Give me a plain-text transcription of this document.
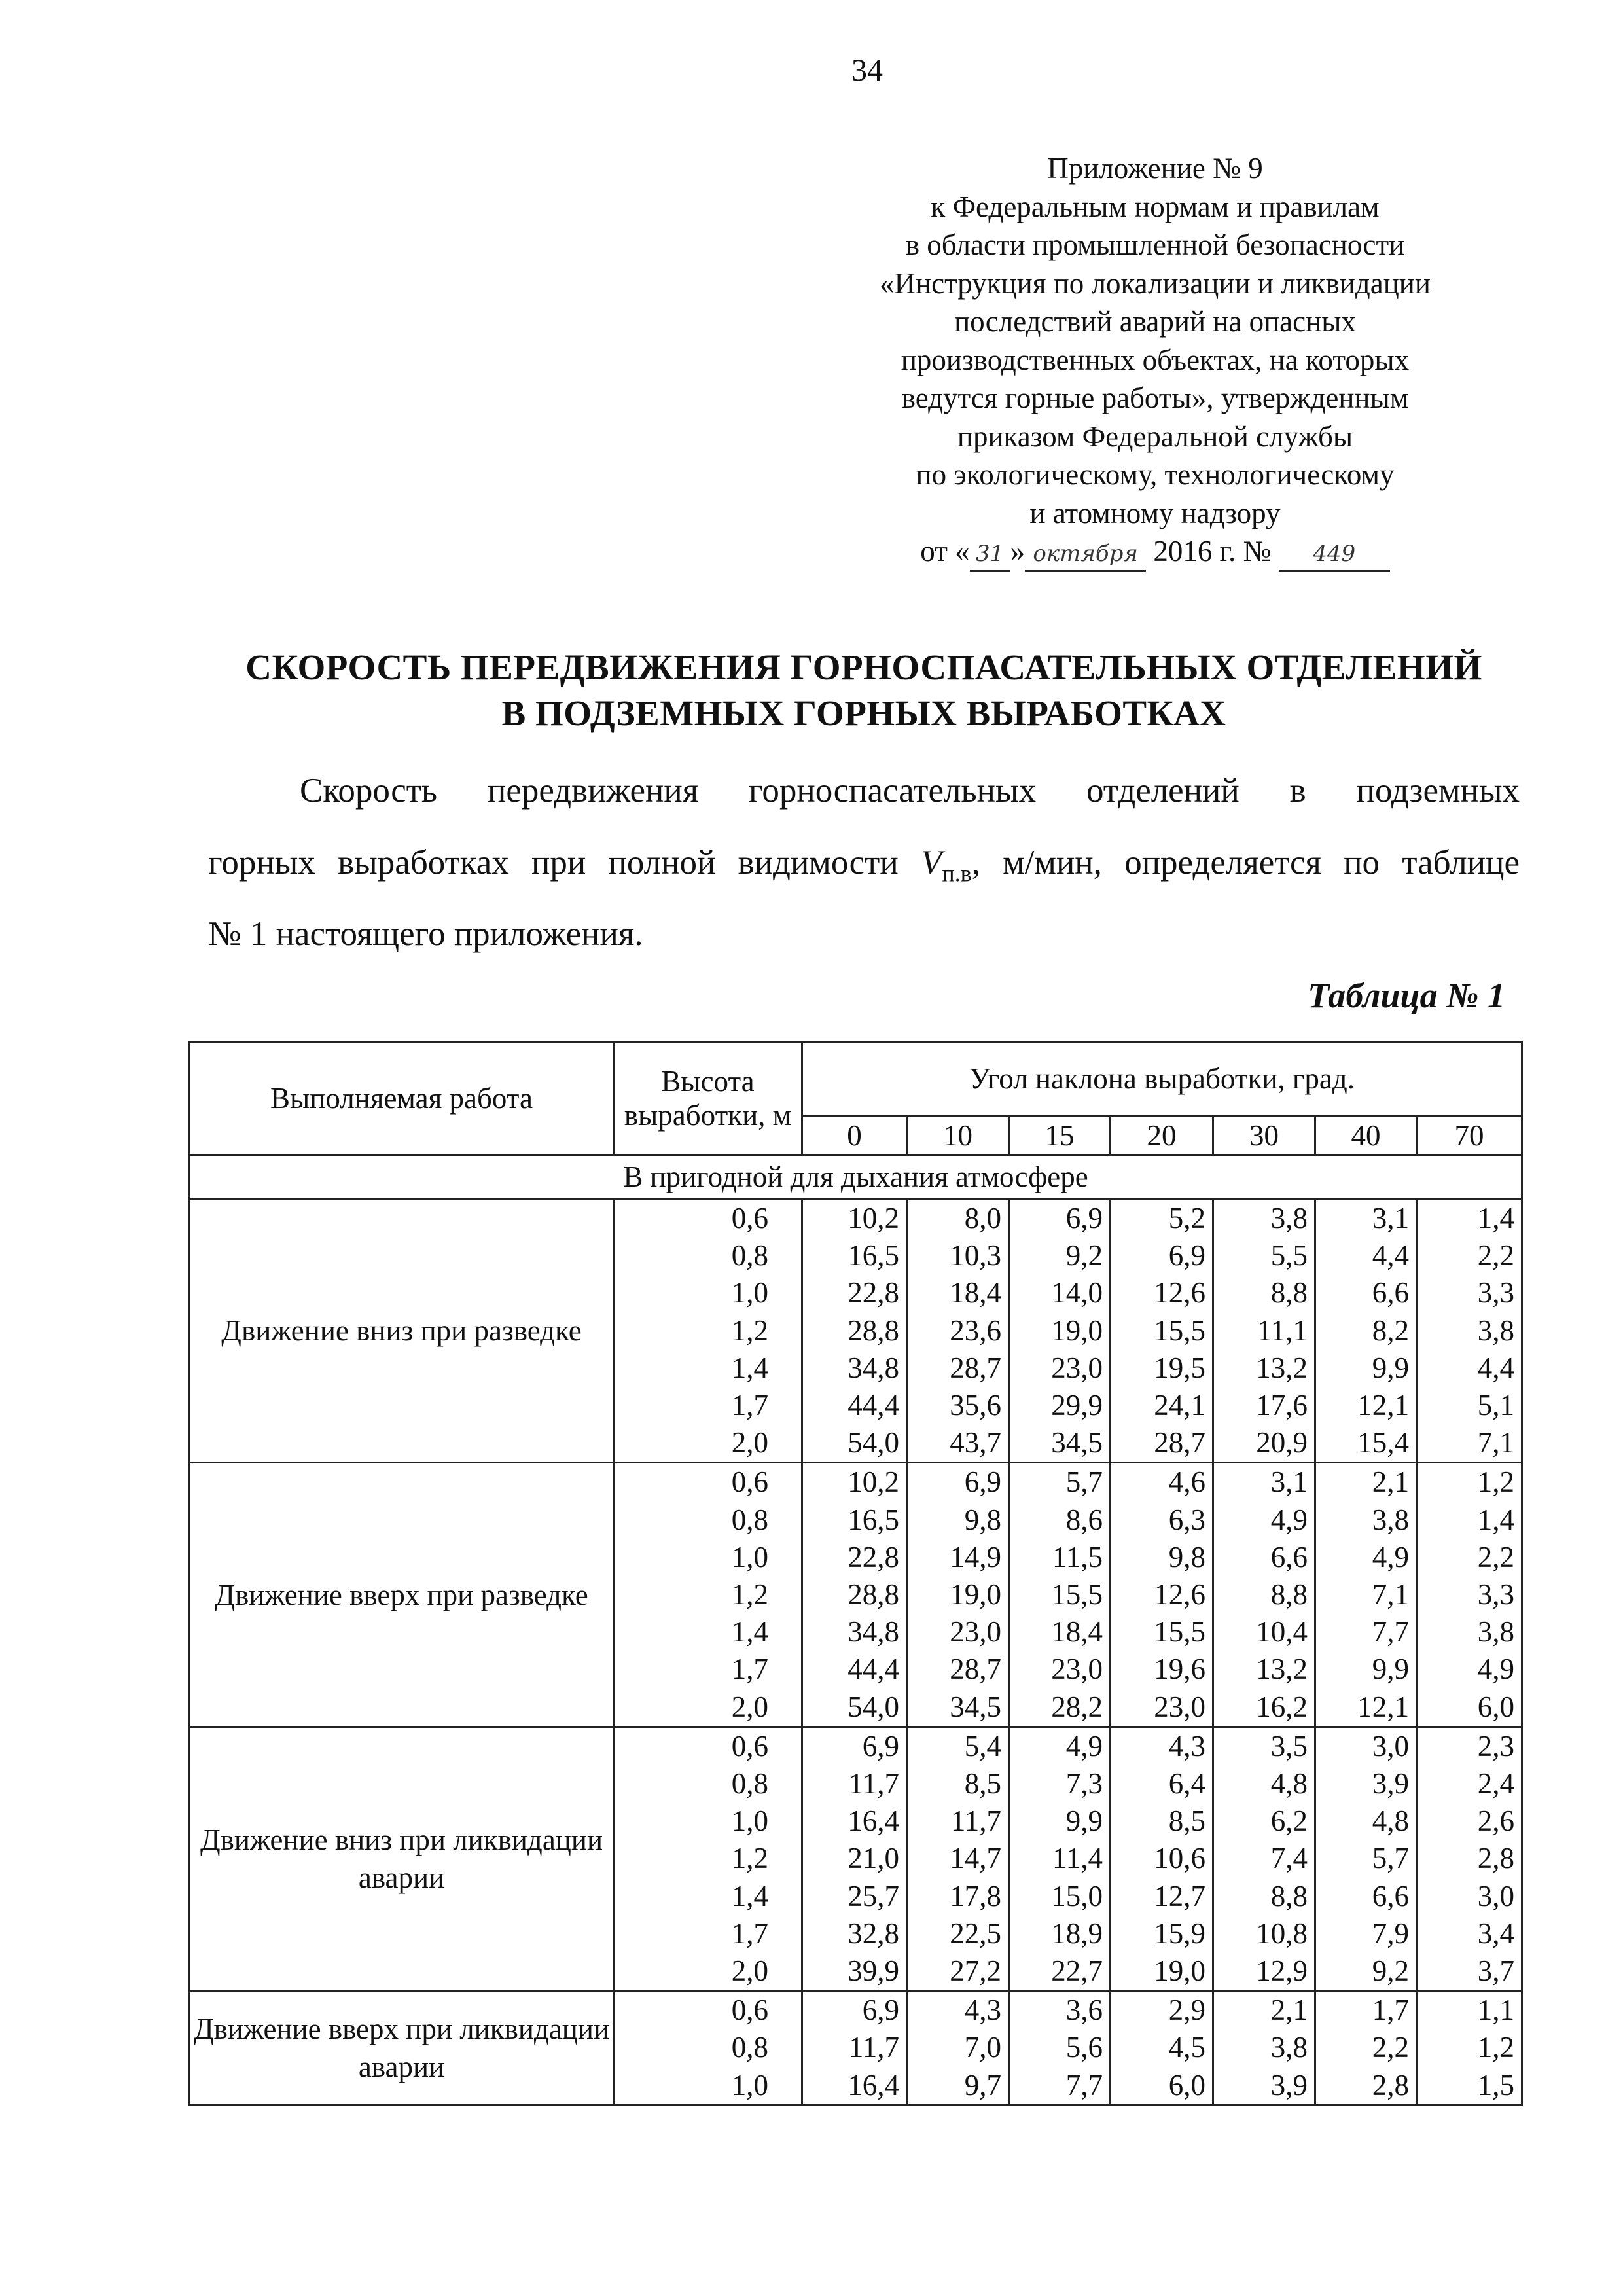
34
Приложение № 9
к Федеральным нормам и правилам
в области промышленной безопасности
«Инструкция по локализации и ликвидации
последствий аварий на опасных
производственных объектах, на которых
ведутся горные работы», утвержденным
приказом Федеральной службы
по экологическому, технологическому
и атомному надзору
от « 31 » октября 2016 г. № 449
СКОРОСТЬ ПЕРЕДВИЖЕНИЯ ГОРНОСПАСАТЕЛЬНЫХ ОТДЕЛЕНИЙ
В ПОДЗЕМНЫХ ГОРНЫХ ВЫРАБОТКАХ
Скорость передвижения горноспасательных отделений в подземных
горных выработках при полной видимости $V_{п.в}$, м/мин, определяется по таблице
№ 1 настоящего приложения.
Таблица № 1
Выполняемая работа	Высота выработки, м	Угол наклона выработки, град.						
		0	10	15	20	30	40	70
В пригодной для дыхания атмосфере								
Движение вниз при разведке	0,6	10,2	8,0	6,9	5,2	3,8	3,1	1,4
	0,8	16,5	10,3	9,2	6,9	5,5	4,4	2,2
	1,0	22,8	18,4	14,0	12,6	8,8	6,6	3,3
	1,2	28,8	23,6	19,0	15,5	11,1	8,2	3,8
	1,4	34,8	28,7	23,0	19,5	13,2	9,9	4,4
	1,7	44,4	35,6	29,9	24,1	17,6	12,1	5,1
	2,0	54,0	43,7	34,5	28,7	20,9	15,4	7,1
Движение вверх при разведке	0,6	10,2	6,9	5,7	4,6	3,1	2,1	1,2
	0,8	16,5	9,8	8,6	6,3	4,9	3,8	1,4
	1,0	22,8	14,9	11,5	9,8	6,6	4,9	2,2
	1,2	28,8	19,0	15,5	12,6	8,8	7,1	3,3
	1,4	34,8	23,0	18,4	15,5	10,4	7,7	3,8
	1,7	44,4	28,7	23,0	19,6	13,2	9,9	4,9
	2,0	54,0	34,5	28,2	23,0	16,2	12,1	6,0
Движение вниз при ликвидации аварии	0,6	6,9	5,4	4,9	4,3	3,5	3,0	2,3
	0,8	11,7	8,5	7,3	6,4	4,8	3,9	2,4
	1,0	16,4	11,7	9,9	8,5	6,2	4,8	2,6
	1,2	21,0	14,7	11,4	10,6	7,4	5,7	2,8
	1,4	25,7	17,8	15,0	12,7	8,8	6,6	3,0
	1,7	32,8	22,5	18,9	15,9	10,8	7,9	3,4
	2,0	39,9	27,2	22,7	19,0	12,9	9,2	3,7
Движение вверх при ликвидации аварии	0,6	6,9	4,3	3,6	2,9	2,1	1,7	1,1
	0,8	11,7	7,0	5,6	4,5	3,8	2,2	1,2
	1,0	16,4	9,7	7,7	6,0	3,9	2,8	1,5
